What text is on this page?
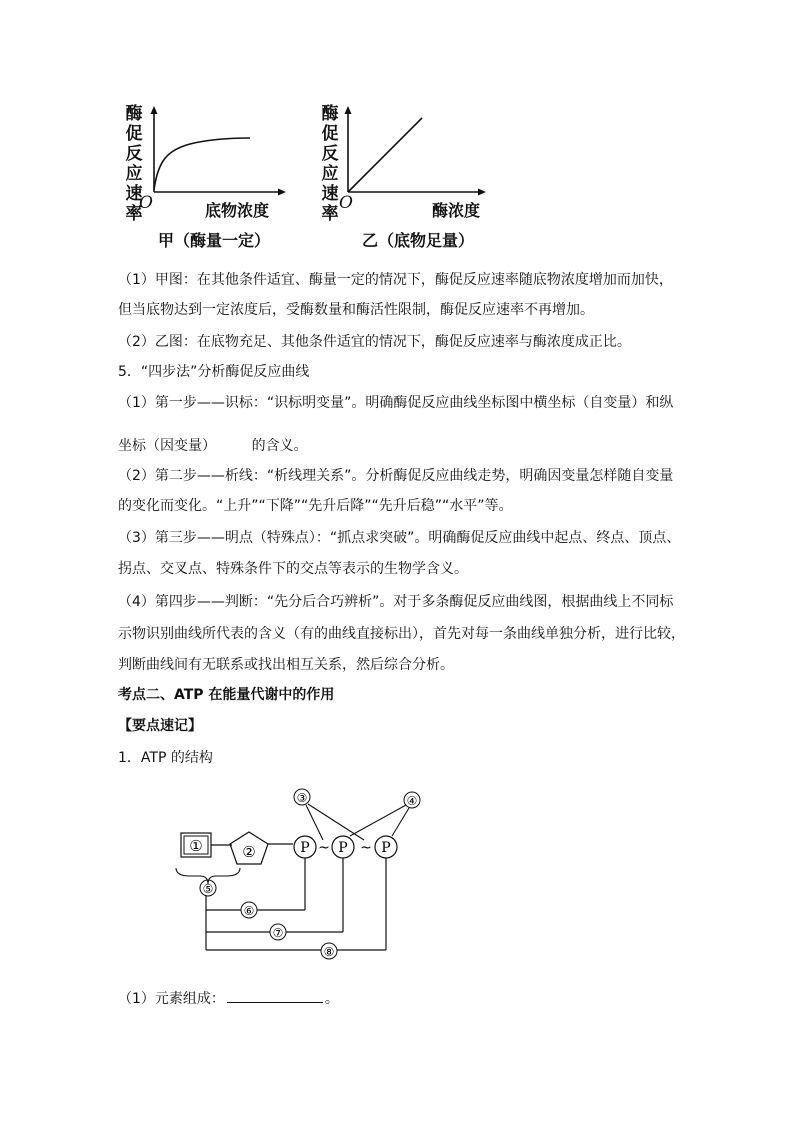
酶
促
反
应
速
率
O	底物浓度
甲（酶量一定）
酶
促
反
应
速
率
O	酶浓度
乙（底物足量）
（1）甲图：在其他条件适宜、酶量一定的情况下，酶促反应速率随底物浓度增加而加快，
但当底物达到一定浓度后，受酶数量和酶活性限制，酶促反应速率不再增加。
（2）乙图：在底物充足、其他条件适宜的情况下，酶促反应速率与酶浓度成正比。
5．“四步法”分析酶促反应曲线
（1）第一步——识标：“识标明变量”。明确酶促反应曲线坐标图中横坐标（自变量）和纵
坐标（因变量）        的含义。
（2）第二步——析线：“析线理关系”。分析酶促反应曲线走势，明确因变量怎样随自变量
的变化而变化。“上升”“下降”“先升后降”“先升后稳”“水平”等。
（3）第三步——明点（特殊点）：“抓点求突破”。明确酶促反应曲线中起点、终点、顶点、
拐点、交叉点、特殊条件下的交点等表示的生物学含义。
（4）第四步——判断：“先分后合巧辨析”。对于多条酶促反应曲线图，根据曲线上不同标
示物识别曲线所代表的含义（有的曲线直接标出），首先对每一条曲线单独分析，进行比较，
判断曲线间有无联系或找出相互关系，然后综合分析。
考点二、ATP 在能量代谢中的作用
【要点速记】
1．ATP 的结构
①	②	P ~ P ~ P
③	④
⑤
⑥
⑦
⑧
（1）元素组成：	。
